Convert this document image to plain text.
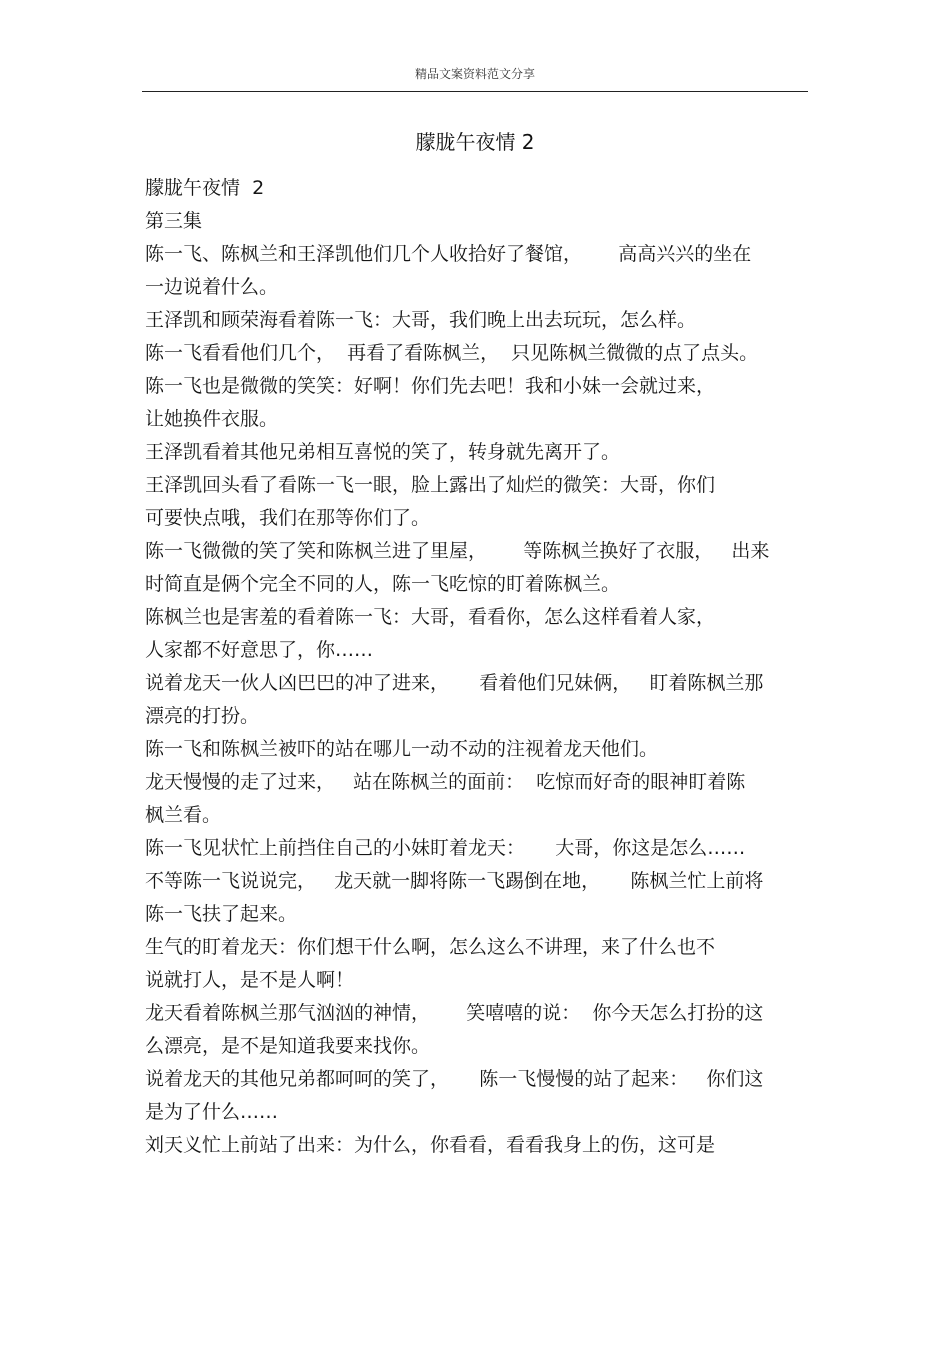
精品文案资料范文分享
朦胧午夜情 2
朦胧午夜情  2
第三集
陈一飞、陈枫兰和王泽凯他们几个人收拾好了餐馆，      高高兴兴的坐在
一边说着什么。
王泽凯和顾荣海看着陈一飞：大哥，我们晚上出去玩玩，怎么样。
陈一飞看看他们几个，  再看了看陈枫兰，  只见陈枫兰微微的点了点头。
陈一飞也是微微的笑笑：好啊！你们先去吧！我和小妹一会就过来，
让她换件衣服。
王泽凯看着其他兄弟相互喜悦的笑了，转身就先离开了。
王泽凯回头看了看陈一飞一眼，脸上露出了灿烂的微笑：大哥，你们
可要快点哦，我们在那等你们了。
陈一飞微微的笑了笑和陈枫兰进了里屋，      等陈枫兰换好了衣服，   出来
时简直是俩个完全不同的人，陈一飞吃惊的盯着陈枫兰。
陈枫兰也是害羞的看着陈一飞：大哥，看看你，怎么这样看着人家，
人家都不好意思了，你……
说着龙天一伙人凶巴巴的冲了进来，     看着他们兄妹俩，   盯着陈枫兰那
漂亮的打扮。
陈一飞和陈枫兰被吓的站在哪儿一动不动的注视着龙天他们。
龙天慢慢的走了过来，   站在陈枫兰的面前：  吃惊而好奇的眼神盯着陈
枫兰看。
陈一飞见状忙上前挡住自己的小妹盯着龙天：     大哥，你这是怎么……
不等陈一飞说说完，   龙天就一脚将陈一飞踢倒在地，     陈枫兰忙上前将
陈一飞扶了起来。
生气的盯着龙天：你们想干什么啊，怎么这么不讲理，来了什么也不
说就打人，是不是人啊！
龙天看着陈枫兰那气汹汹的神情，      笑嘻嘻的说：  你今天怎么打扮的这
么漂亮，是不是知道我要来找你。
说着龙天的其他兄弟都呵呵的笑了，     陈一飞慢慢的站了起来：   你们这
是为了什么……
刘天义忙上前站了出来：为什么，你看看，看看我身上的伤，这可是
